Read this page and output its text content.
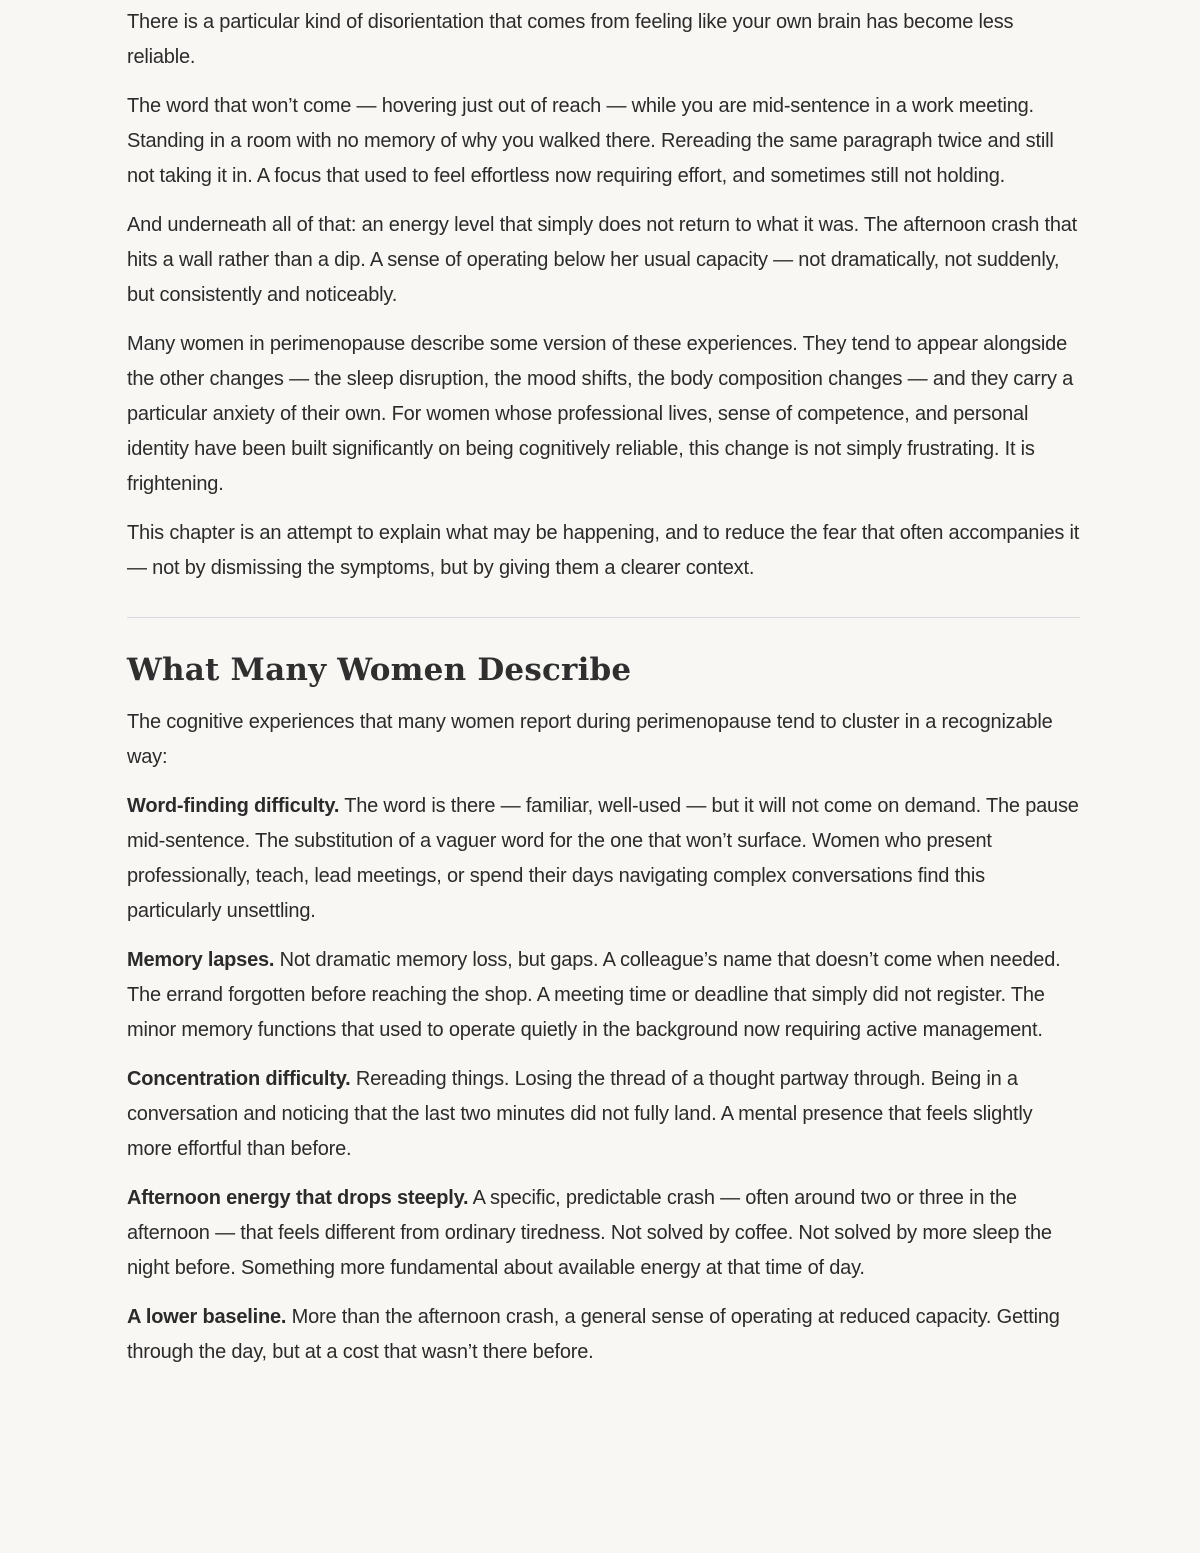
There is a particular kind of disorientation that comes from feeling like your own brain has become less reliable.

The word that won’t come — hovering just out of reach — while you are mid-sentence in a work meeting. Standing in a room with no memory of why you walked there. Rereading the same paragraph twice and still not taking it in. A focus that used to feel effortless now requiring effort, and sometimes still not holding.

And underneath all of that: an energy level that simply does not return to what it was. The afternoon crash that hits a wall rather than a dip. A sense of operating below her usual capacity — not dramatically, not suddenly, but consistently and noticeably.

Many women in perimenopause describe some version of these experiences. They tend to appear alongside the other changes — the sleep disruption, the mood shifts, the body composition changes — and they carry a particular anxiety of their own. For women whose professional lives, sense of competence, and personal identity have been built significantly on being cognitively reliable, this change is not simply frustrating. It is frightening.

This chapter is an attempt to explain what may be happening, and to reduce the fear that often accompanies it — not by dismissing the symptoms, but by giving them a clearer context.

What Many Women Describe

The cognitive experiences that many women report during perimenopause tend to cluster in a recognizable way:

Word-finding difficulty. The word is there — familiar, well-used — but it will not come on demand. The pause mid-sentence. The substitution of a vaguer word for the one that won’t surface. Women who present professionally, teach, lead meetings, or spend their days navigating complex conversations find this particularly unsettling.

Memory lapses. Not dramatic memory loss, but gaps. A colleague’s name that doesn’t come when needed. The errand forgotten before reaching the shop. A meeting time or deadline that simply did not register. The minor memory functions that used to operate quietly in the background now requiring active management.

Concentration difficulty. Rereading things. Losing the thread of a thought partway through. Being in a conversation and noticing that the last two minutes did not fully land. A mental presence that feels slightly more effortful than before.

Afternoon energy that drops steeply. A specific, predictable crash — often around two or three in the afternoon — that feels different from ordinary tiredness. Not solved by coffee. Not solved by more sleep the night before. Something more fundamental about available energy at that time of day.

A lower baseline. More than the afternoon crash, a general sense of operating at reduced capacity. Getting through the day, but at a cost that wasn’t there before.
